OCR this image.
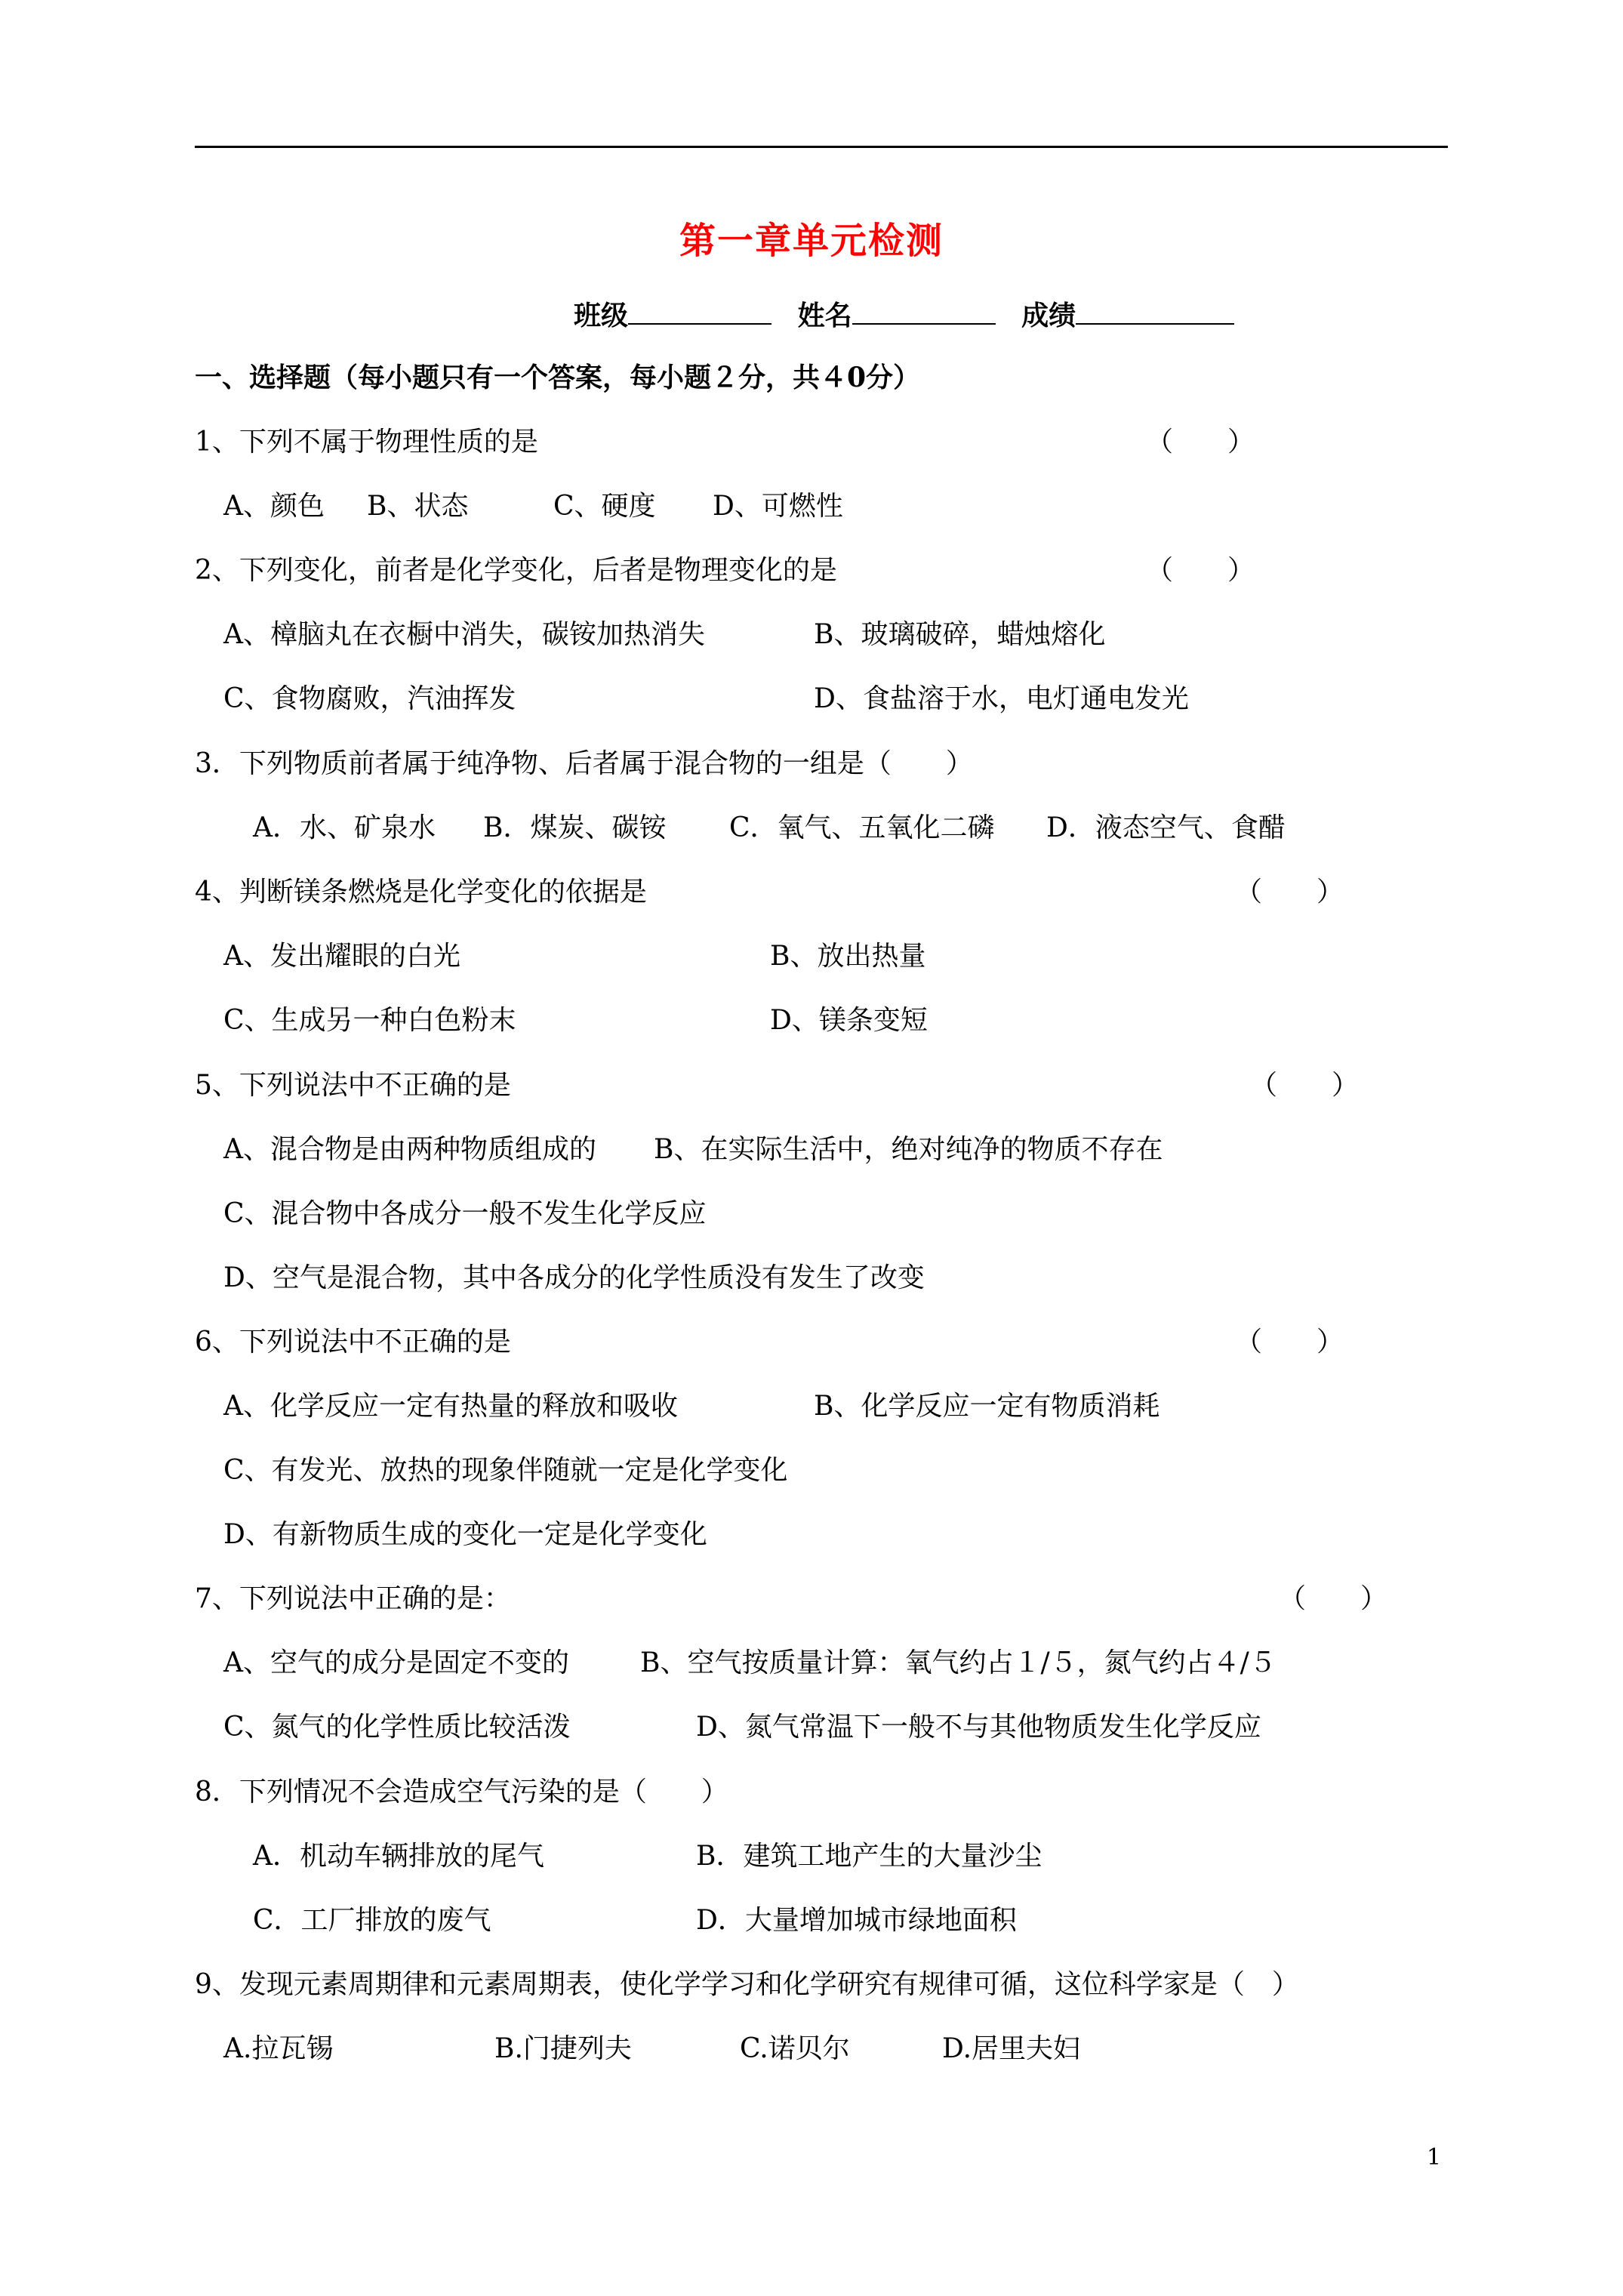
第一章单元检测
班级	姓名	成绩
一、选择题（每小题只有一个答案，每小题２分，共４0分）
1、下列不属于物理性质的是	（　　）
A、颜色 B、状态	C、硬度 D、可燃性
2、下列变化，前者是化学变化，后者是物理变化的是	（　　）
A、樟脑丸在衣橱中消失，碳铵加热消失	B、玻璃破碎，蜡烛熔化
C、食物腐败，汽油挥发	D、食盐溶于水，电灯通电发光
3．下列物质前者属于纯净物、后者属于混合物的一组是（　　）
A．水、矿泉水 B．煤炭、碳铵 C．氧气、五氧化二磷 D．液态空气、食醋
4、判断镁条燃烧是化学变化的依据是	（　　）
A、发出耀眼的白光	B、放出热量
C、生成另一种白色粉末	D、镁条变短
5、下列说法中不正确的是	（　　）
A、混合物是由两种物质组成的 B、在实际生活中，绝对纯净的物质不存在
C、混合物中各成分一般不发生化学反应
D、空气是混合物，其中各成分的化学性质没有发生了改变
6、下列说法中不正确的是	（　　）
A、化学反应一定有热量的释放和吸收	B、化学反应一定有物质消耗
C、有发光、放热的现象伴随就一定是化学变化
D、有新物质生成的变化一定是化学变化
7、下列说法中正确的是：	（　　）
A、空气的成分是固定不变的	B、空气按质量计算：氧气约占１/５，氮气约占４/５
C、氮气的化学性质比较活泼	D、氮气常温下一般不与其他物质发生化学反应
8．下列情况不会造成空气污染的是（　　）
A．机动车辆排放的尾气	B．建筑工地产生的大量沙尘
C．工厂排放的废气	D．大量增加城市绿地面积
9、发现元素周期律和元素周期表，使化学学习和化学研究有规律可循，这位科学家是（　）
A.拉瓦锡	B.门捷列夫	C.诺贝尔	D.居里夫妇
1
